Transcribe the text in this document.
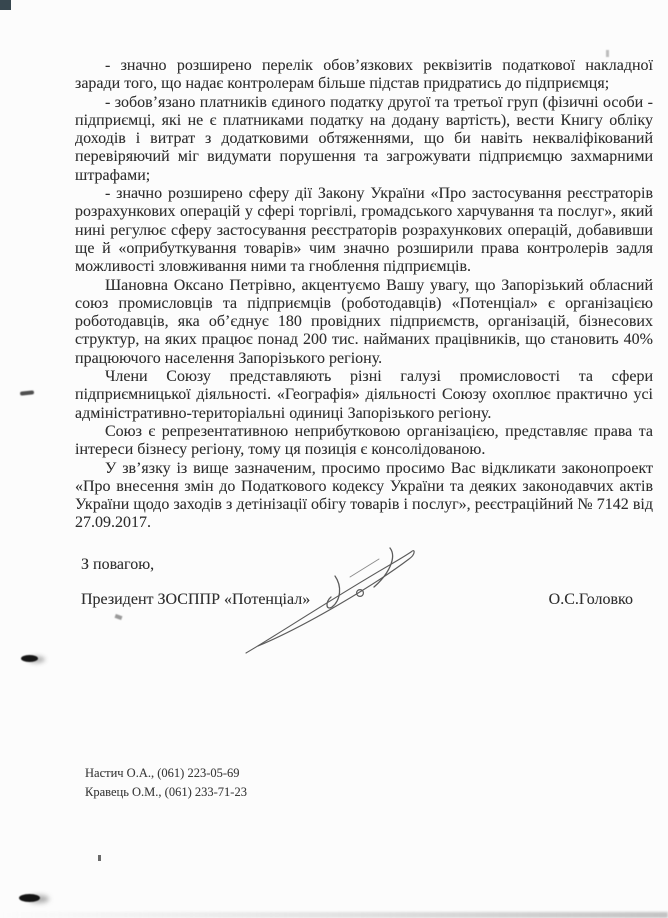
- значно розширено перелік обов’язкових реквізитів податкової накладної заради того, що надає контролерам більше підстав придратись до підприємця;

- зобов’язано платників єдиного податку другої та третьої груп (фізичні особи - підприємці, які не є платниками податку на додану вартість), вести Книгу обліку доходів і витрат з додатковими обтяженнями, що би навіть некваліфікований перевіряючий міг видумати порушення та загрожувати підприємцю захмарними штрафами;

- значно розширено сферу дії Закону України «Про застосування реєстраторів розрахункових операцій у сфері торгівлі, громадського харчування та послуг», який нині регулює сферу застосування реєстраторів розрахункових операцій, добавивши ще й «оприбуткування товарів» чим значно розширили права контролерів задля можливості зловживання ними та гноблення підприємців.

Шановна Оксано Петрівно, акцентуємо Вашу увагу, що Запорізький обласний союз промисловців та підприємців (роботодавців) «Потенціал» є організацією роботодавців, яка об’єднує 180 провідних підприємств, організацій, бізнесових структур, на яких працює понад 200 тис. найманих працівників, що становить 40% працюючого населення Запорізького регіону.

Члени Союзу представляють різні галузі промисловості та сфери підприємницької діяльності. «Географія» діяльності Союзу охоплює практично усі адміністративно-територіальні одиниці Запорізького регіону.

Союз є репрезентативною неприбутковою організацією, представляє права та інтереси бізнесу регіону, тому ця позиція є консолідованою.

У зв’язку із вище зазначеним, просимо просимо Вас відкликати законопроект «Про внесення змін до Податкового кодексу України та деяких законодавчих актів України щодо заходів з детінізації обігу товарів і послуг», реєстраційний № 7142 від 27.09.2017.

З повагою,
Президент ЗОСППР «Потенціал»	О.С.Головко
Настич О.А., (061) 223-05-69
Кравець О.М., (061) 233-71-23
